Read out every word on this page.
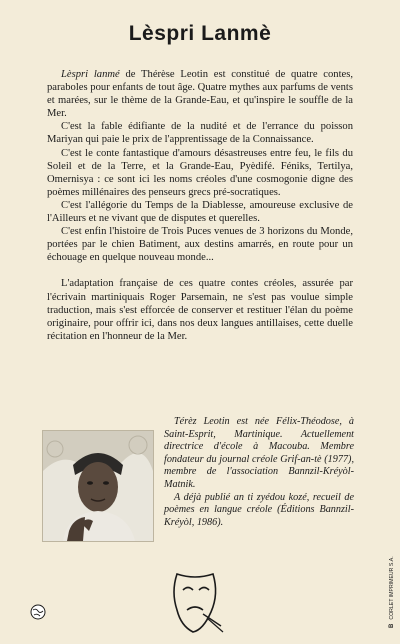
Lèspri Lanmè

Lèspri lanmé de Thérèse Leotin est constitué de quatre contes, paraboles pour enfants de tout âge. Quatre mythes aux parfums de vents et marées, sur le thème de la Grande-Eau, et qu'inspire le souffle de la Mer.

C'est la fable édifiante de la nudité et de l'errance du poisson Mariyan qui paie le prix de l'apprentissage de la Connaissance.

C'est le conte fantastique d'amours désastreuses entre feu, le fils du Soleil et de la Terre, et la Grande-Eau, Pyèdifé. Féniks, Tertilya, Omernisya : ce sont ici les noms créoles d'une cosmogonie digne des poèmes millénaires des penseurs grecs pré-socratiques.

C'est l'allégorie du Temps de la Diablesse, amoureuse exclusive de l'Ailleurs et ne vivant que de disputes et querelles.

C'est enfin l'histoire de Trois Puces venues de 3 horizons du Monde, portées par le chien Batiment, aux destins amarrés, en route pour un échouage en quelque nouveau monde...

L'adaptation française de ces quatre contes créoles, assurée par l'écrivain martiniquais Roger Parsemain, ne s'est pas voulue simple traduction, mais s'est efforcée de conserver et restituer l'élan du poème originaire, pour offrir ici, dans nos deux langues antillaises, cette duelle récitation en l'honneur de la Mer.

Térèz Leotin est née Félix-Théodose, à Saint-Esprit, Martinique. Actuellement directrice d'école à Macouba. Membre fondateur du journal créole Grif-an-tè (1977), membre de l'association Bannzil-Kréyòl-Matnik.

A déjà publié an ti zyédou kozé, recueil de poèmes en langue créole (Éditions Bannzil-Kréyòl, 1986).

BCORLET IMPRIMEUR S.A.
